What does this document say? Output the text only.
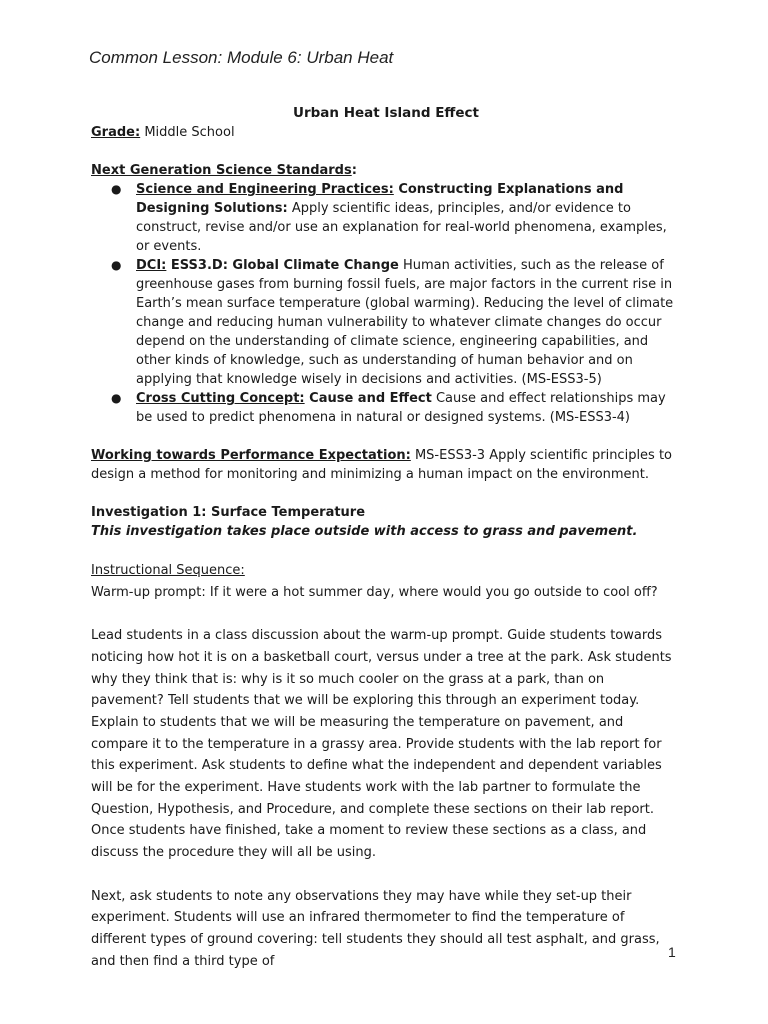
Common Lesson: Module 6: Urban Heat
Urban Heat Island Effect

Grade: Middle School

Next Generation Science Standards:

● Science and Engineering Practices: Constructing Explanations and Designing Solutions: Apply scientific ideas, principles, and/or evidence to construct, revise and/or use an explanation for real-world phenomena, examples, or events.
● DCI: ESS3.D: Global Climate Change Human activities, such as the release of greenhouse gases from burning fossil fuels, are major factors in the current rise in Earth’s mean surface temperature (global warming). Reducing the level of climate change and reducing human vulnerability to whatever climate changes do occur depend on the understanding of climate science, engineering capabilities, and other kinds of knowledge, such as understanding of human behavior and on applying that knowledge wisely in decisions and activities. (MS-ESS3-5)
● Cross Cutting Concept: Cause and Effect Cause and effect relationships may be used to predict phenomena in natural or designed systems. (MS-ESS3-4)

Working towards Performance Expectation: MS-ESS3-3 Apply scientific principles to design a method for monitoring and minimizing a human impact on the environment.

Investigation 1: Surface Temperature

This investigation takes place outside with access to grass and pavement.

Instructional Sequence:

Warm-up prompt: If it were a hot summer day, where would you go outside to cool off?

Lead students in a class discussion about the warm-up prompt. Guide students towards noticing how hot it is on a basketball court, versus under a tree at the park. Ask students why they think that is: why is it so much cooler on the grass at a park, than on pavement? Tell students that we will be exploring this through an experiment today. Explain to students that we will be measuring the temperature on pavement, and compare it to the temperature in a grassy area. Provide students with the lab report for this experiment. Ask students to define what the independent and dependent variables will be for the experiment. Have students work with the lab partner to formulate the Question, Hypothesis, and Procedure, and complete these sections on their lab report. Once students have finished, take a moment to review these sections as a class, and discuss the procedure they will all be using.

Next, ask students to note any observations they may have while they set-up their experiment. Students will use an infrared thermometer to find the temperature of different types of ground covering: tell students they should all test asphalt, and grass, and then find a third type of

1
